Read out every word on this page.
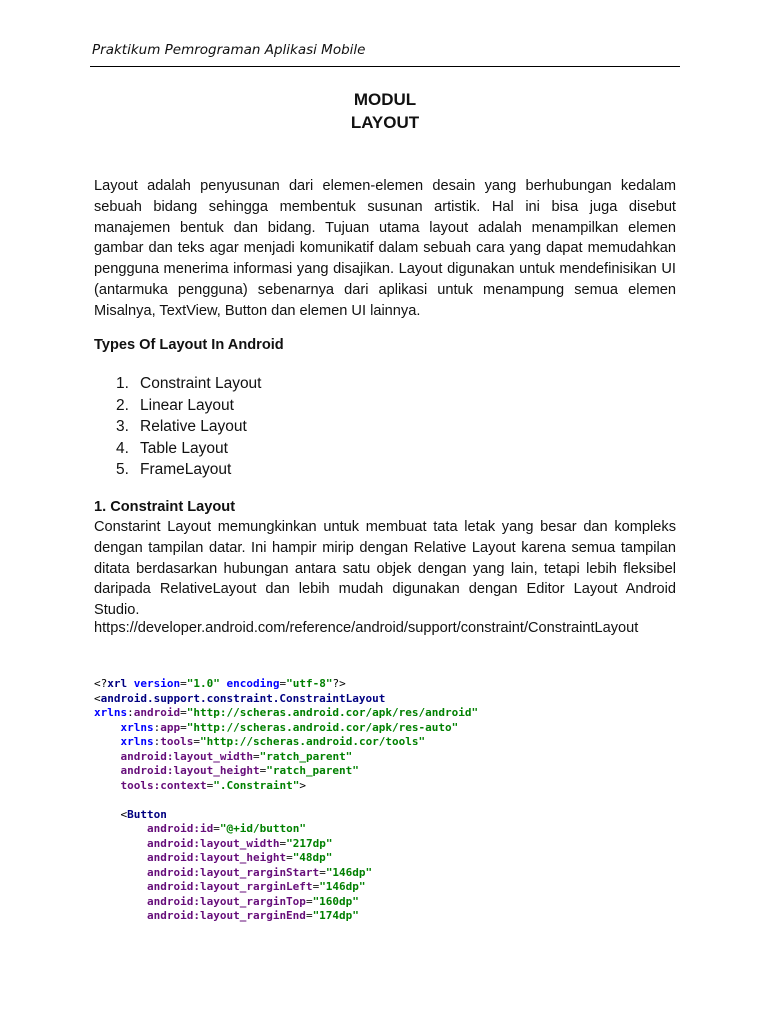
Praktikum Pemrograman Aplikasi Mobile
MODUL
LAYOUT

Layout adalah penyusunan dari elemen-elemen desain yang berhubungan kedalam sebuah bidang sehingga membentuk susunan artistik. Hal ini bisa juga disebut manajemen bentuk dan bidang. Tujuan utama layout adalah menampilkan elemen gambar dan teks agar menjadi komunikatif dalam sebuah cara yang dapat memudahkan pengguna menerima informasi yang disajikan. Layout digunakan untuk mendefinisikan UI (antarmuka pengguna) sebenarnya dari aplikasi untuk menampung semua elemen Misalnya, TextView, Button dan elemen UI lainnya.

Types Of Layout In Android
1. Constraint Layout
2. Linear Layout
3. Relative Layout
4. Table Layout
5. FrameLayout
1. Constraint Layout

Constarint Layout memungkinkan untuk membuat tata letak yang besar dan kompleks dengan tampilan datar. Ini hampir mirip dengan Relative Layout karena semua tampilan ditata berdasarkan hubungan antara satu objek dengan yang lain, tetapi lebih fleksibel daripada RelativeLayout dan lebih mudah digunakan dengan Editor Layout Android Studio.

https://developer.android.com/reference/android/support/constraint/ConstraintLayout

<?xrl version="1.0" encoding="utf-8"?>
<android.support.constraint.ConstraintLayout
xrlns:android="http://scheras.android.cor/apk/res/android"
xrlns:app="http://scheras.android.cor/apk/res-auto"
xrlns:tools="http://scheras.android.cor/tools"
android:layout_width="ratch_parent"
android:layout_height="ratch_parent"
tools:context=".Constraint">

<Button
android:id="@+id/button"
android:layout_width="217dp"
android:layout_height="48dp"
android:layout_rarginStart="146dp"
android:layout_rarginLeft="146dp"
android:layout_rarginTop="160dp"
android:layout_rarginEnd="174dp"
